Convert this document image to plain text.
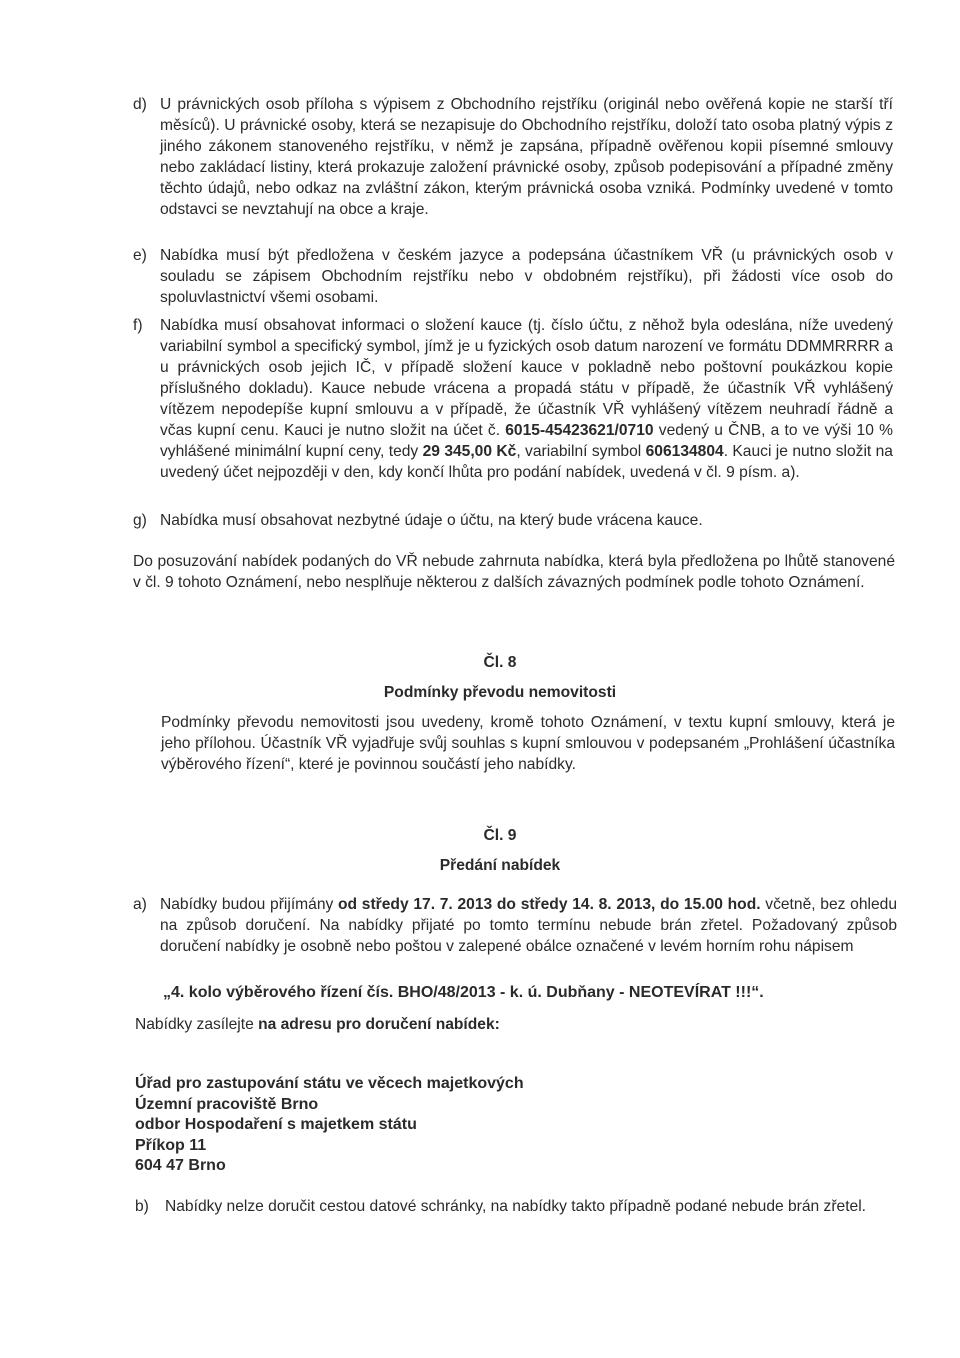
d) U právnických osob příloha s výpisem z Obchodního rejstříku (originál nebo ověřená kopie ne starší tří měsíců). U právnické osoby, která se nezapisuje do Obchodního rejstříku, doloží tato osoba platný výpis z jiného zákonem stanoveného rejstříku, v němž je zapsána, případně ověřenou kopii písemné smlouvy nebo zakládací listiny, která prokazuje založení právnické osoby, způsob podepisování a případné změny těchto údajů, nebo odkaz na zvláštní zákon, kterým právnická osoba vzniká. Podmínky uvedené v tomto odstavci se nevztahují na obce a kraje.
e) Nabídka musí být předložena v českém jazyce a podepsána účastníkem VŘ (u právnických osob v souladu se zápisem Obchodním rejstříku nebo v obdobném rejstříku), při žádosti více osob do spoluvlastnictví všemi osobami.
f)	Nabídka musí obsahovat informaci o složení kauce (tj. číslo účtu, z něhož byla odeslána, níže uvedený variabilní symbol a specifický symbol, jímž je u fyzických osob datum narození ve formátu DDMMRRRR a u právnických osob jejich IČ, v případě složení kauce v pokladně nebo poštovní poukázkou kopie příslušného dokladu). Kauce nebude vrácena a propadá státu v případě, že účastník VŘ vyhlášený vítězem nepodepíše kupní smlouvu a v případě, že účastník VŘ vyhlášený vítězem neuhradí řádně a včas kupní cenu. Kauci je nutno složit na účet č. 6015-45423621/0710 vedený u ČNB, a to ve výši 10 % vyhlášené minimální kupní ceny, tedy 29 345,00 Kč, variabilní symbol 606134804. Kauci je nutno složit na uvedený účet nejpozději v den, kdy končí lhůta pro podání nabídek, uvedená v čl. 9 písm. a).
g) Nabídka musí obsahovat nezbytné údaje o účtu, na který bude vrácena kauce.
Do posuzování nabídek podaných do VŘ nebude zahrnuta nabídka, která byla předložena po lhůtě stanovené v čl. 9 tohoto Oznámení, nebo nesplňuje některou z dalších závazných podmínek podle tohoto Oznámení.
Čl. 8
Podmínky převodu nemovitosti
Podmínky převodu nemovitosti jsou uvedeny, kromě tohoto Oznámení, v textu kupní smlouvy, která je jeho přílohou. Účastník VŘ vyjadřuje svůj souhlas s kupní smlouvou v podepsaném „Prohlášení účastníka výběrového řízení“, které je povinnou součástí jeho nabídky.
Čl. 9
Předání nabídek
a) Nabídky budou přijímány od středy 17. 7. 2013 do středy 14. 8. 2013, do 15.00 hod. včetně, bez ohledu na způsob doručení. Na nabídky přijaté po tomto termínu nebude brán zřetel. Požadovaný způsob doručení nabídky je osobně nebo poštou v zalepené obálce označené v levém horním rohu nápisem
„4. kolo výběrového řízení čís. BHO/48/2013 - k. ú. Dubňany - NEOTEVÍRAT !!!“.
Nabídky zasílejte na adresu pro doručení nabídek:
Úřad pro zastupování státu ve věcech majetkových
Územní pracoviště Brno
odbor Hospodaření s majetkem státu
Příkop 11
604 47 Brno
b)	Nabídky nelze doručit cestou datové schránky, na nabídky takto případně podané nebude brán zřetel.
